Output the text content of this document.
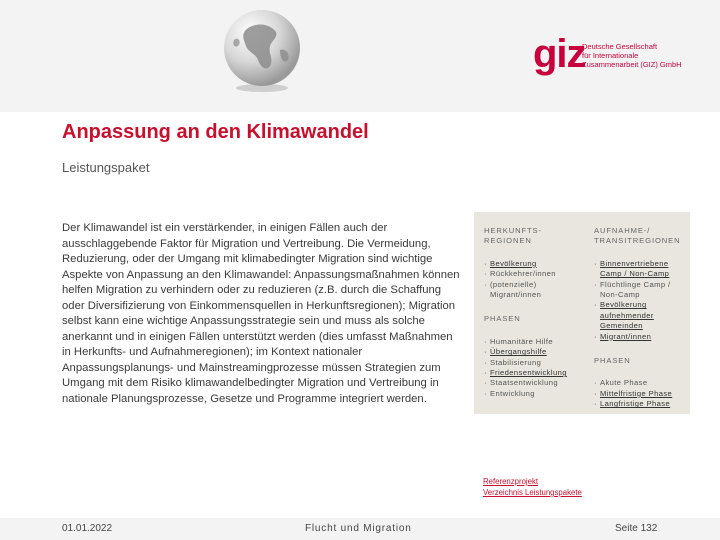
giz
Deutsche Gesellschaft
für Internationale
Zusammenarbeit (GIZ) GmbH
Anpassung an den Klimawandel
Leistungspaket
Der Klimawandel ist ein verstärkender, in einigen Fällen auch der ausschlaggebende Faktor für Migration und Vertreibung. Die Vermeidung, Reduzierung, oder der Umgang mit klimabedingter Migration sind wichtige Aspekte von Anpassung an den Klimawandel: Anpassungsmaßnahmen können helfen Migration zu verhindern oder zu reduzieren (z.B. durch die Schaffung oder Diversifizierung von Einkommensquellen in Herkunftsregionen); Migration selbst kann eine wichtige Anpassungsstrategie sein und muss als solche anerkannt und in einigen Fällen unterstützt werden (dies umfasst Maßnahmen in Herkunfts- und Aufnahmeregionen); im Kontext nationaler Anpassungsplanungs- und Mainstreamingprozesse müssen Strategien zum Umgang mit dem Risiko klimawandelbedingter Migration und Vertreibung in nationale Planungsprozesse, Gesetze und Programme integriert werden.
HERKUNFTS-REGIONEN
· Bevölkerung
· Rückkehrer/innen
· (potenzielle) Migrant/innen
PHASEN
· Humanitäre Hilfe
· Übergangshilfe
· Stabilisierung
· Friedensentwicklung
· Staatsentwicklung
· Entwicklung
AUFNAHME-/ TRANSITREGIONEN
· Binnenvertriebene Camp / Non-Camp
· Flüchtlinge Camp / Non-Camp
· Bevölkerung aufnehmender Gemeinden
· Migrant/innen
PHASEN
· Akute Phase
· Mittelfristige Phase
· Langfristige Phase
Referenzprojekt
Verzeichnis Leistungspakete
01.01.2022	Flucht und Migration	Seite 132
